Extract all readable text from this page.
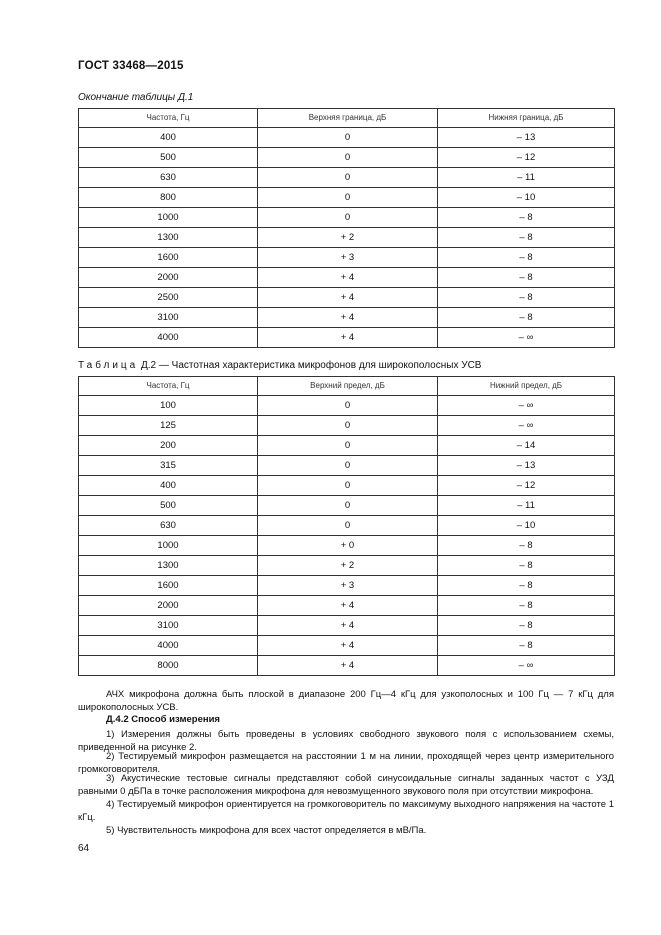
ГОСТ 33468—2015
Окончание таблицы Д.1
Частота, Гц	Верхняя граница, дБ	Нижняя граница, дБ
400	0	– 13
500	0	– 12
630	0	– 11
800	0	– 10
1000	0	– 8
1300	+ 2	– 8
1600	+ 3	– 8
2000	+ 4	– 8
2500	+ 4	– 8
3100	+ 4	– 8
4000	+ 4	– ∞
Таблица Д.2 — Частотная характеристика микрофонов для широкополосных УСВ
Частота, Гц	Верхний предел, дБ	Нижний предел, дБ
100	0	– ∞
125	0	– ∞
200	0	– 14
315	0	– 13
400	0	– 12
500	0	– 11
630	0	– 10
1000	+ 0	– 8
1300	+ 2	– 8
1600	+ 3	– 8
2000	+ 4	– 8
3100	+ 4	– 8
4000	+ 4	– 8
8000	+ 4	– ∞
АЧХ микрофона должна быть плоской в диапазоне 200 Гц—4 кГц для узкополосных и 100 Гц — 7 кГц для широкополосных УСВ.
Д.4.2 Способ измерения
1) Измерения должны быть проведены в условиях свободного звукового поля с использованием схемы, приведенной на рисунке 2.
2) Тестируемый микрофон размещается на расстоянии 1 м на линии, проходящей через центр измерительного громкоговорителя.
3) Акустические тестовые сигналы представляют собой синусоидальные сигналы заданных частот с УЗД равными 0 дБПа в точке расположения микрофона для невозмущенного звукового поля при отсутствии микрофона.
4) Тестируемый микрофон ориентируется на громкоговоритель по максимуму выходного напряжения на частоте 1 кГц.
5) Чувствительность микрофона для всех частот определяется в мВ/Па.
64
